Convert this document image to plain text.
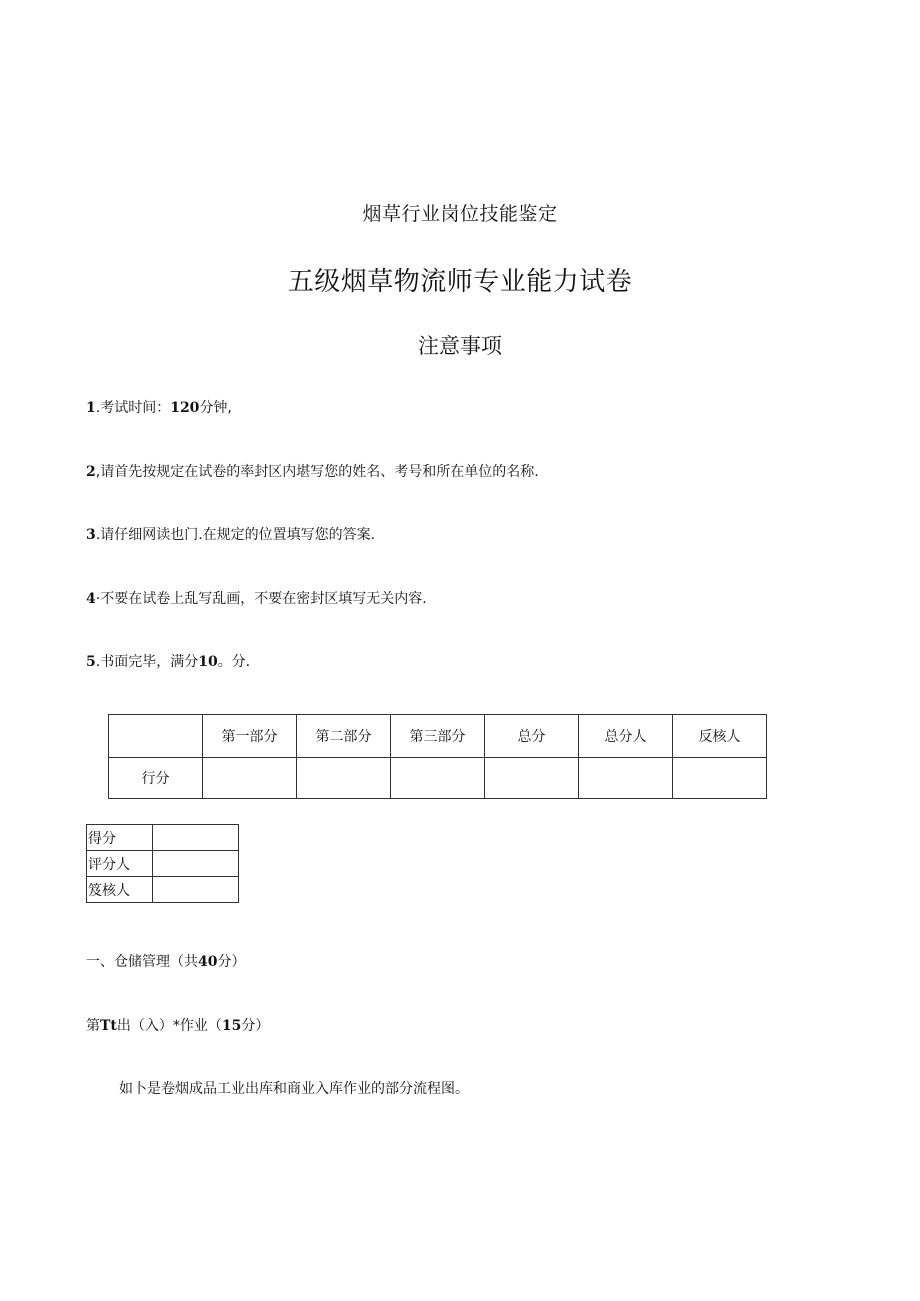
烟草行业岗位技能鉴定
五级烟草物流师专业能力试卷
注意事项
1.考试时间：120分钟,
2,请首先按规定在试卷的率封区内堪写您的姓名、考号和所在单位的名称.
3.请仔细网读也门.在规定的位置填写您的答案.
4·不要在试卷上乱写乱画，不要在密封区填写无关内容.
5.书面完毕，满分10。分.
	第一部分	第二部分	第三部分	总分	总分人	反核人
行分						
得分	
评分人	
笈核人	
一、仓储管理（共40分）
第Tt出（入）*作业（15分）
如卜是卷烟成品工业出库和商业入库作业的部分流程图。
